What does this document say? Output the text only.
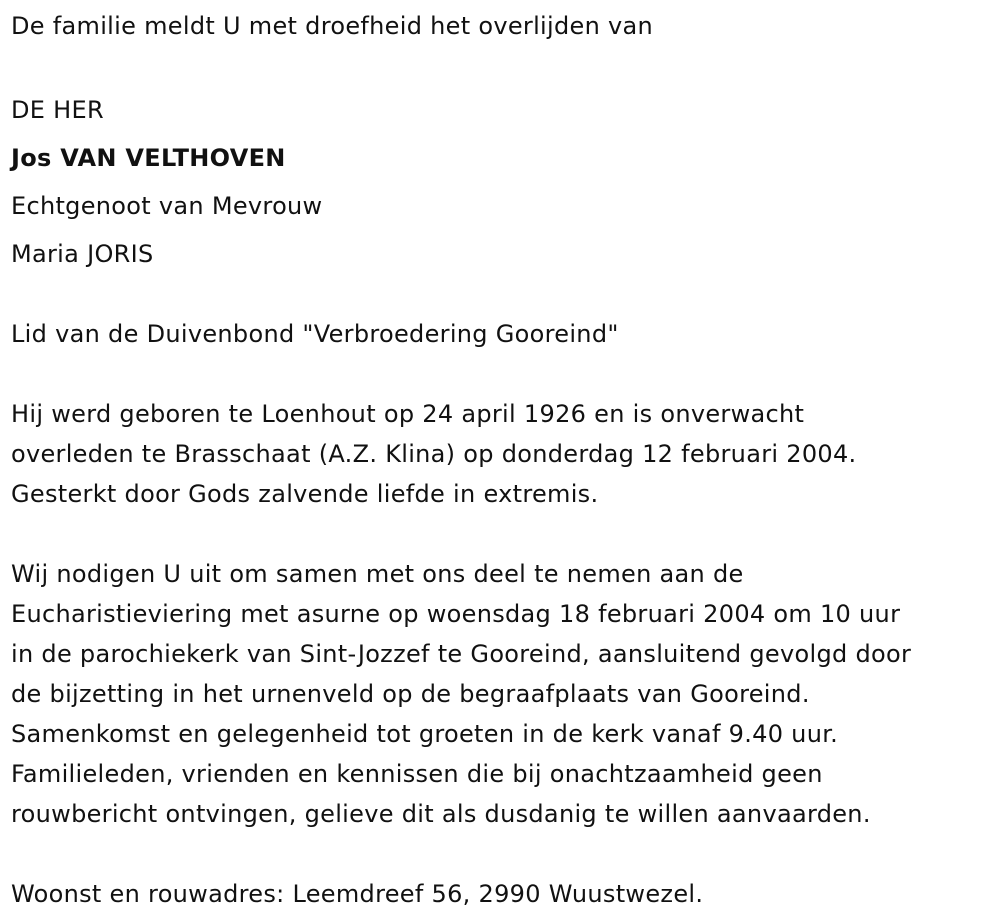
De familie meldt U met droefheid het overlijden van
DE HER
Jos VAN VELTHOVEN
Echtgenoot van Mevrouw
Maria JORIS
Lid van de Duivenbond "Verbroedering Gooreind"
Hij werd geboren te Loenhout op 24 april 1926 en is onverwacht
overleden te Brasschaat (A.Z. Klina) op donderdag 12 februari 2004.
Gesterkt door Gods zalvende liefde in extremis.
Wij nodigen U uit om samen met ons deel te nemen aan de
Eucharistieviering met asurne op woensdag 18 februari 2004 om 10 uur
in de parochiekerk van Sint-Jozzef te Gooreind, aansluitend gevolgd door
de bijzetting in het urnenveld op de begraafplaats van Gooreind.
Samenkomst en gelegenheid tot groeten in de kerk vanaf 9.40 uur.
Familieleden, vrienden en kennissen die bij onachtzaamheid geen
rouwbericht ontvingen, gelieve dit als dusdanig te willen aanvaarden.
Woonst en rouwadres: Leemdreef 56, 2990 Wuustwezel.
